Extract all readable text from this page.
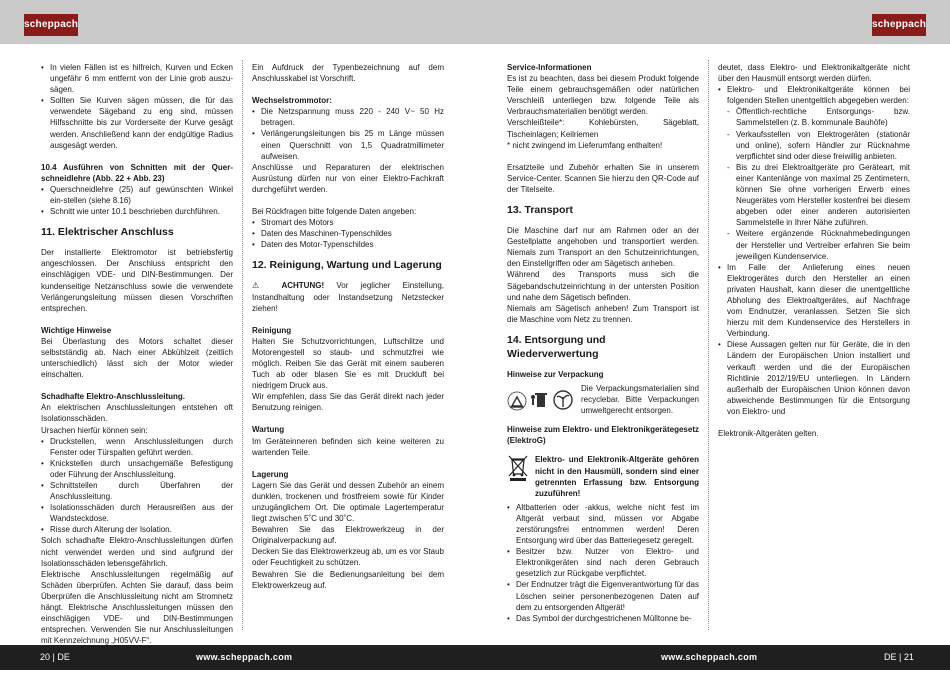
scheppach	scheppach

• In vielen Fällen ist es hilfreich, Kurven und Ecken ungefähr 6 mm entfernt von der Linie grob auszu-sägen.

• Sollten Sie Kurven sägen müssen, die für das verwendete Sägeband zu eng sind, müssen Hilfsschnitte bis zur Vorderseite der Kurve gesägt werden. Anschließend kann der endgültige Radius ausgesägt werden.

10.4 Ausführen von Schnitten mit der Quer-schneidlehre (Abb. 22 + Abb. 23)

• Querschneidlehre (25) auf gewünschten Winkel ein-stellen (siehe 8.16)

• Schnitt wie unter 10.1 beschrieben durchführen.

11. Elektrischer Anschluss

Der installierte Elektromotor ist betriebsfertig angeschlossen. Der Anschluss entspricht den einschlägigen VDE- und DIN-Bestimmungen. Der kundenseitige Netzanschluss sowie die verwendete Verlängerungsleitung müssen diesen Vorschriften entsprechen.

Wichtige Hinweise

Bei Überlastung des Motors schaltet dieser selbstständig ab. Nach einer Abkühlzeit (zeitlich unterschiedlich) lässt sich der Motor wieder einschalten.

Schadhafte Elektro-Anschlussleitung.

An elektrischen Anschlussleitungen entstehen oft Isolationsschäden.

Ursachen hierfür können sein:

• Druckstellen, wenn Anschlussleitungen durch Fenster oder Türspalten geführt werden.

• Knickstellen durch unsachgemäße Befestigung oder Führung der Anschlussleitung.

• Schnittstellen durch Überfahren der Anschlussleitung.

• Isolationsschäden durch Herausreißen aus der Wandsteckdose.

• Risse durch Alterung der Isolation.

Solch schadhafte Elektro-Anschlussleitungen dürfen nicht verwendet werden und sind aufgrund der Isolationsschäden lebensgefährlich.

Elektrische Anschlussleitungen regelmäßig auf Schäden überprüfen. Achten Sie darauf, dass beim Überprüfen die Anschlussleitung nicht am Stromnetz hängt. Elektrische Anschlussleitungen müssen den einschlägigen VDE- und DIN-Bestimmungen entsprechen. Verwenden Sie nur Anschlussleitungen mit Kennzeichnung „H05VV-F“.

Ein Aufdruck der Typenbezeichnung auf dem Anschlusskabel ist Vorschrift.

Wechselstrommotor:

• Die Netzspannung muss 220 - 240 V~ 50 Hz betragen.

• Verlängerungsleitungen bis 25 m Länge müssen einen Querschnitt von 1,5 Quadratmillimeter aufweisen.

Anschlüsse und Reparaturen der elektrischen Ausrüstung dürfen nur von einer Elektro-Fachkraft durchgeführt werden.

Bei Rückfragen bitte folgende Daten angeben:

• Stromart des Motors

• Daten des Maschinen-Typenschildes

• Daten des Motor-Typenschildes

12. Reinigung, Wartung und Lagerung

⚠ ACHTUNG! Vor jeglicher Einstellung, Instandhaltung oder Instandsetzung Netzstecker ziehen!

Reinigung

Halten Sie Schutzvorrichtungen, Luftschlitze und Motorengestell so staub- und schmutzfrei wie möglich. Reiben Sie das Gerät mit einem sauberen Tuch ab oder blasen Sie es mit Druckluft bei niedrigem Druck aus.

Wir empfehlen, dass Sie das Gerät direkt nach jeder Benutzung reinigen.

Wartung

Im Geräteinneren befinden sich keine weiteren zu wartenden Teile.

Lagerung

Lagern Sie das Gerät und dessen Zubehör an einem dunklen, trockenen und frostfreiem sowie für Kinder unzugänglichem Ort. Die optimale Lagertemperatur liegt zwischen 5˚C und 30˚C.

Bewahren Sie das Elektrowerkzeug in der Originalverpackung auf.

Decken Sie das Elektrowerkzeug ab, um es vor Staub oder Feuchtigkeit zu schützen.

Bewahren Sie die Bedienungsanleitung bei dem Elektrowerkzeug auf.

Service-Informationen

Es ist zu beachten, dass bei diesem Produkt folgende Teile einem gebrauchsgemäßen oder natürlichen Verschleiß unterliegen bzw. folgende Teile als Verbrauchsmaterialien benötigt werden.

Verschleißteile*: Kohlebürsten, Sägeblatt, Tischeinlagen; Keilriemen

* nicht zwingend im Lieferumfang enthalten!

Ersatzteile und Zubehör erhalten Sie in unserem Service-Center. Scannen Sie hierzu den QR-Code auf der Titelseite.

13. Transport

Die Maschine darf nur am Rahmen oder an der Gestellplatte angehoben und transportiert werden. Niemals zum Transport an den Schutzeinrichtungen, den Einstellgriffen oder am Sägetisch anheben.

Während des Transports muss sich die Sägebandschutzeinrichtung in der untersten Position und nahe dem Sägetisch befinden.

Niemals am Sägetisch anheben! Zum Transport ist die Maschine vom Netz zu trennen.

14. Entsorgung und Wiederverwertung

Hinweise zur Verpackung

Die Verpackungsmaterialien sind recyclebar. Bitte Verpackungen umweltgerecht entsorgen.

Hinweise zum Elektro- und Elektronikgerätegesetz (ElektroG)

Elektro- und Elektronik-Altgeräte gehören nicht in den Hausmüll, sondern sind einer getrennten Erfassung bzw. Entsorgung zuzuführen!

• Altbatterien oder -akkus, welche nicht fest im Altgerät verbaut sind, müssen vor Abgabe zerstörungsfrei entnommen werden! Deren Entsorgung wird über das Batteriegesetz geregelt.

• Besitzer bzw. Nutzer von Elektro- und Elektronikgeräten sind nach deren Gebrauch gesetzlich zur Rückgabe verpflichtet.

• Der Endnutzer trägt die Eigenverantwortung für das Löschen seiner personenbezogenen Daten auf dem zu entsorgenden Altgerät!

• Das Symbol der durchgestrichenen Mülltonne be-

deutet, dass Elektro- und Elektronikaltgeräte nicht über den Hausmüll entsorgt werden dürfen.

• Elektro- und Elektronikaltgeräte können bei folgenden Stellen unentgeltlich abgegeben werden:

- Öffentlich-rechtliche Entsorgungs- bzw. Sammelstellen (z. B. kommunale Bauhöfe)

- Verkaufsstellen von Elektrogeräten (stationär und online), sofern Händler zur Rücknahme verpflichtet sind oder diese freiwillig anbieten.

- Bis zu drei Elektroaltgeräte pro Geräteart, mit einer Kantenlänge von maximal 25 Zentimetern, können Sie ohne vorherigen Erwerb eines Neugerätes vom Hersteller kostenfrei bei diesem abgeben oder einer anderen autorisierten Sammelstelle in Ihrer Nähe zuführen.

- Weitere ergänzende Rücknahmebedingungen der Hersteller und Vertreiber erfahren Sie beim jeweiligen Kundenservice.

• Im Falle der Anlieferung eines neuen Elektrogerätes durch den Hersteller an einen privaten Haushalt, kann dieser die unentgeltliche Abholung des Elektroaltgerätes, auf Nachfrage vom Endnutzer, veranlassen. Setzen Sie sich hierzu mit dem Kundenservice des Herstellers in Verbindung.

• Diese Aussagen gelten nur für Geräte, die in den Ländern der Europäischen Union installiert und verkauft werden und die der Europäischen Richtlinie 2012/19/EU unterliegen. In Ländern außerhalb der Europäischen Union können davon abweichende Bestimmungen für die Entsorgung von Elektro- und

Elektronik-Altgeräten gelten.

20 | DE	www.scheppach.com	www.scheppach.com	DE | 21
